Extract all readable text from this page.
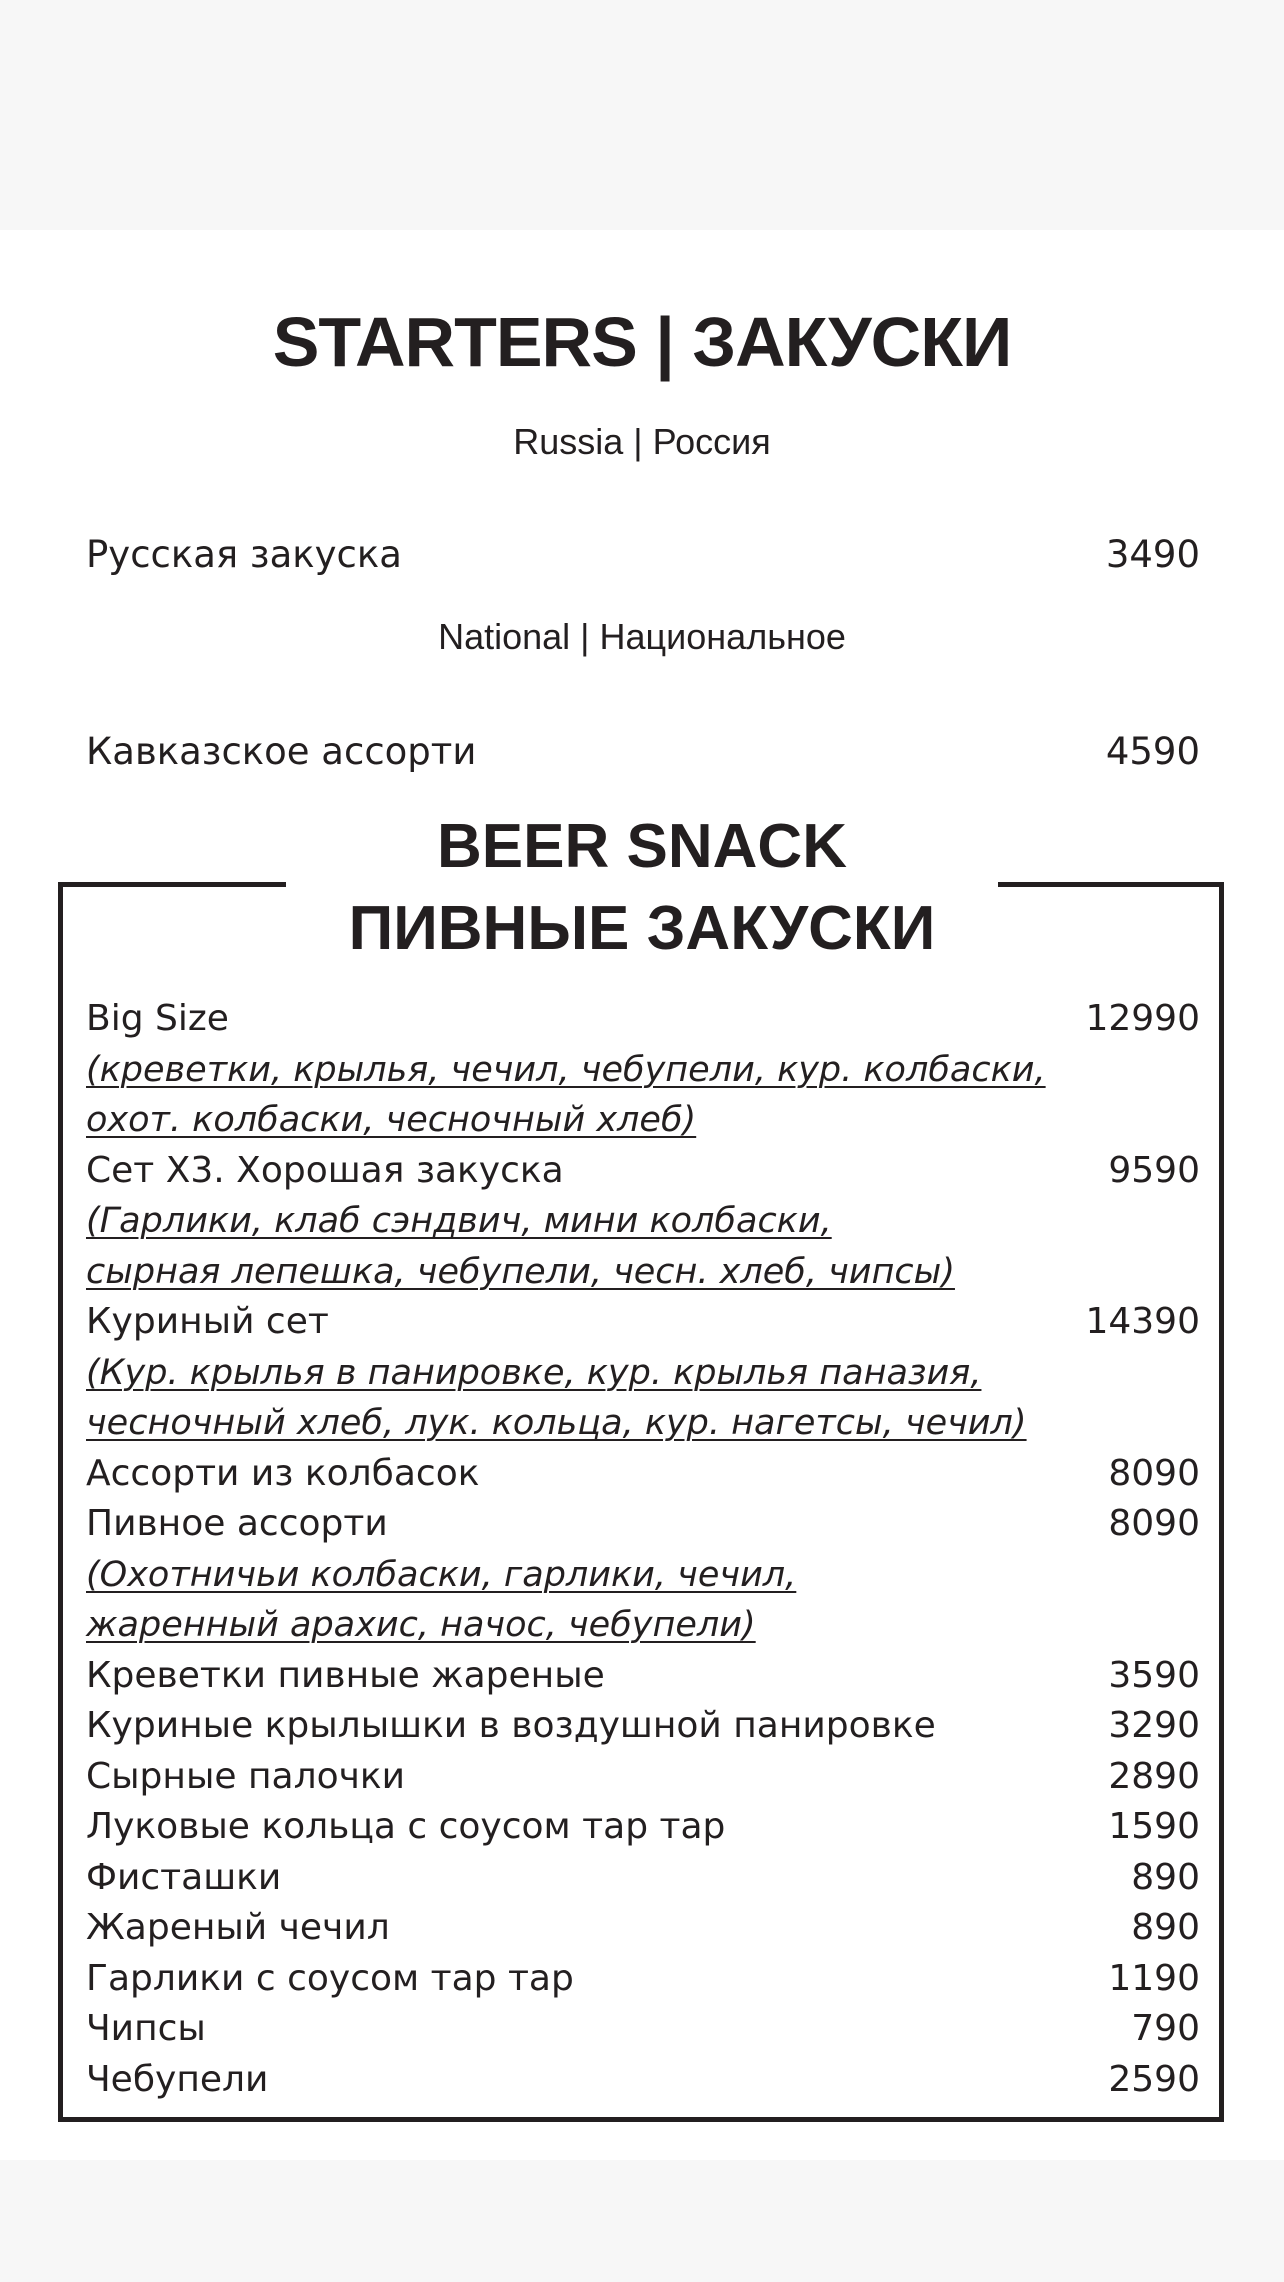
STARTERS | ЗАКУСКИ
Russia | Россия
Русская закуска	3490
National | Национальное
Кавказское ассорти	4590
BEER SNACK
ПИВНЫЕ ЗАКУСКИ
Big Size	12990
(креветки, крылья, чечил, чебупели, кур. колбаски,
охот. колбаски, чесночный хлеб)
Сет Х3. Хорошая закуска	9590
(Гарлики, клаб сэндвич, мини колбаски,
сырная лепешка, чебупели, чесн. хлеб, чипсы)
Куриный сет	14390
(Кур. крылья в панировке, кур. крылья паназия,
чесночный хлеб, лук. кольца, кур. нагетсы, чечил)
Ассорти из колбасок	8090
Пивное ассорти	8090
(Охотничьи колбаски, гарлики, чечил,
жаренный арахис, начос, чебупели)
Креветки пивные жареные	3590
Куриные крылышки в воздушной панировке	3290
Сырные палочки	2890
Луковые кольца с соусом тар тар	1590
Фисташки	890
Жареный чечил	890
Гарлики с соусом тар тар	1190
Чипсы	790
Чебупели	2590
